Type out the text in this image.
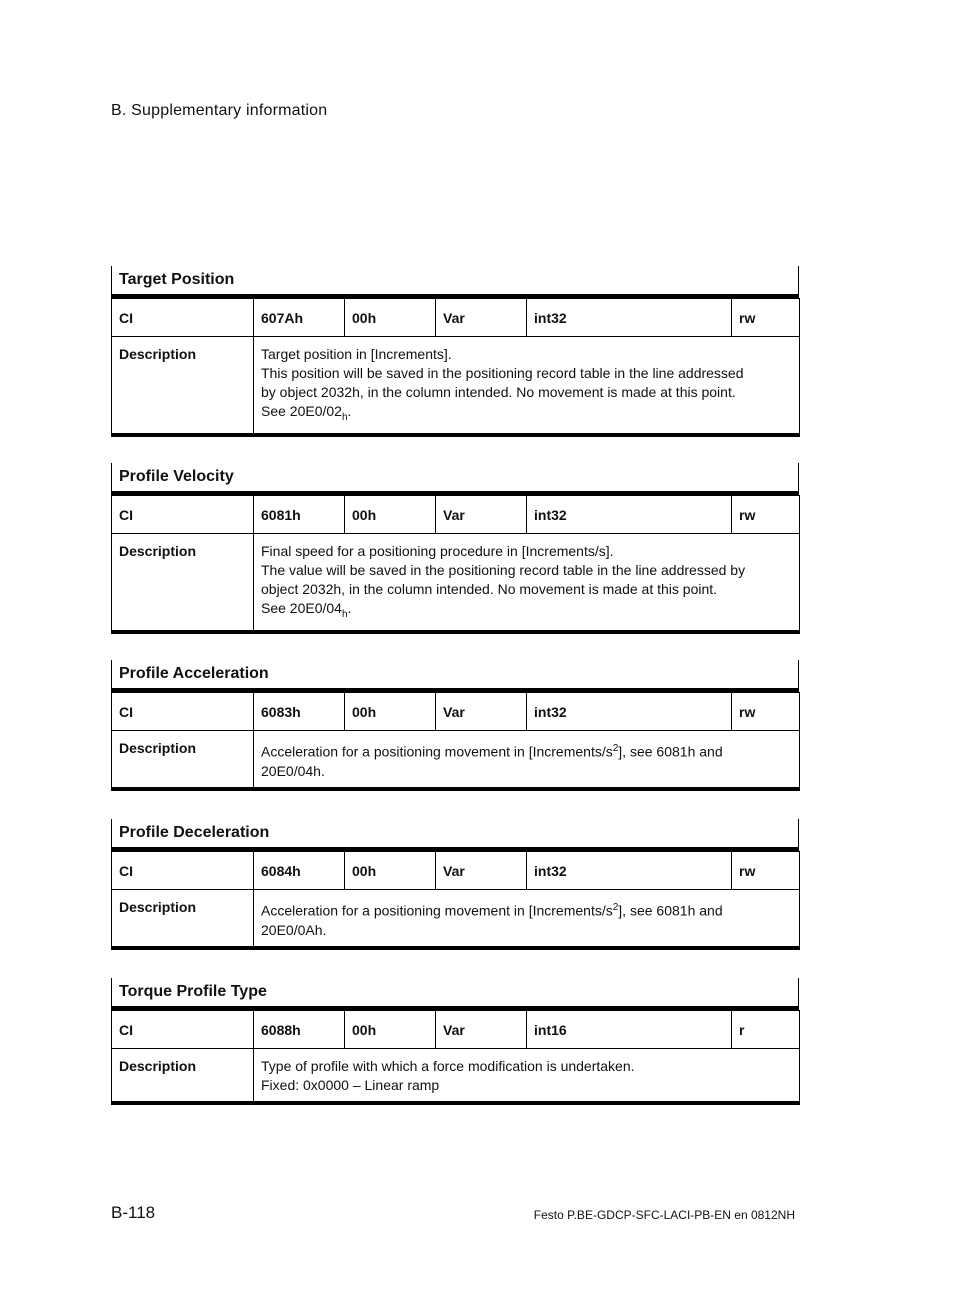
B. Supplementary information
Target Position
CI	607Ah	00h	Var	int32	rw
Description	Target position in [Increments].
This position will be saved in the positioning record table in the line addressed
by object 2032h, in the column intended. No movement is made at this point.
See $20E0/02_h$.				
Profile Velocity
CI	6081h	00h	Var	int32	rw
Description	Final speed for a positioning procedure in [Increments/s].
The value will be saved in the positioning record table in the line addressed by
object 2032h, in the column intended. No movement is made at this point.
See $20E0/04_h$.				
Profile Acceleration
CI	6083h	00h	Var	int32	rw
Description	Acceleration for a positioning movement in $[Increments/s^2]$, see 6081h and
20E0/04h.				
Profile Deceleration
CI	6084h	00h	Var	int32	rw
Description	Acceleration for a positioning movement in $[Increments/s^2]$, see 6081h and
20E0/0Ah.				
Torque Profile Type
CI	6088h	00h	Var	int16	r
Description	Type of profile with which a force modification is undertaken.
Fixed: 0x0000 – Linear ramp				
B-118	Festo P.BE-GDCP-SFC-LACI-PB-EN en 0812NH
